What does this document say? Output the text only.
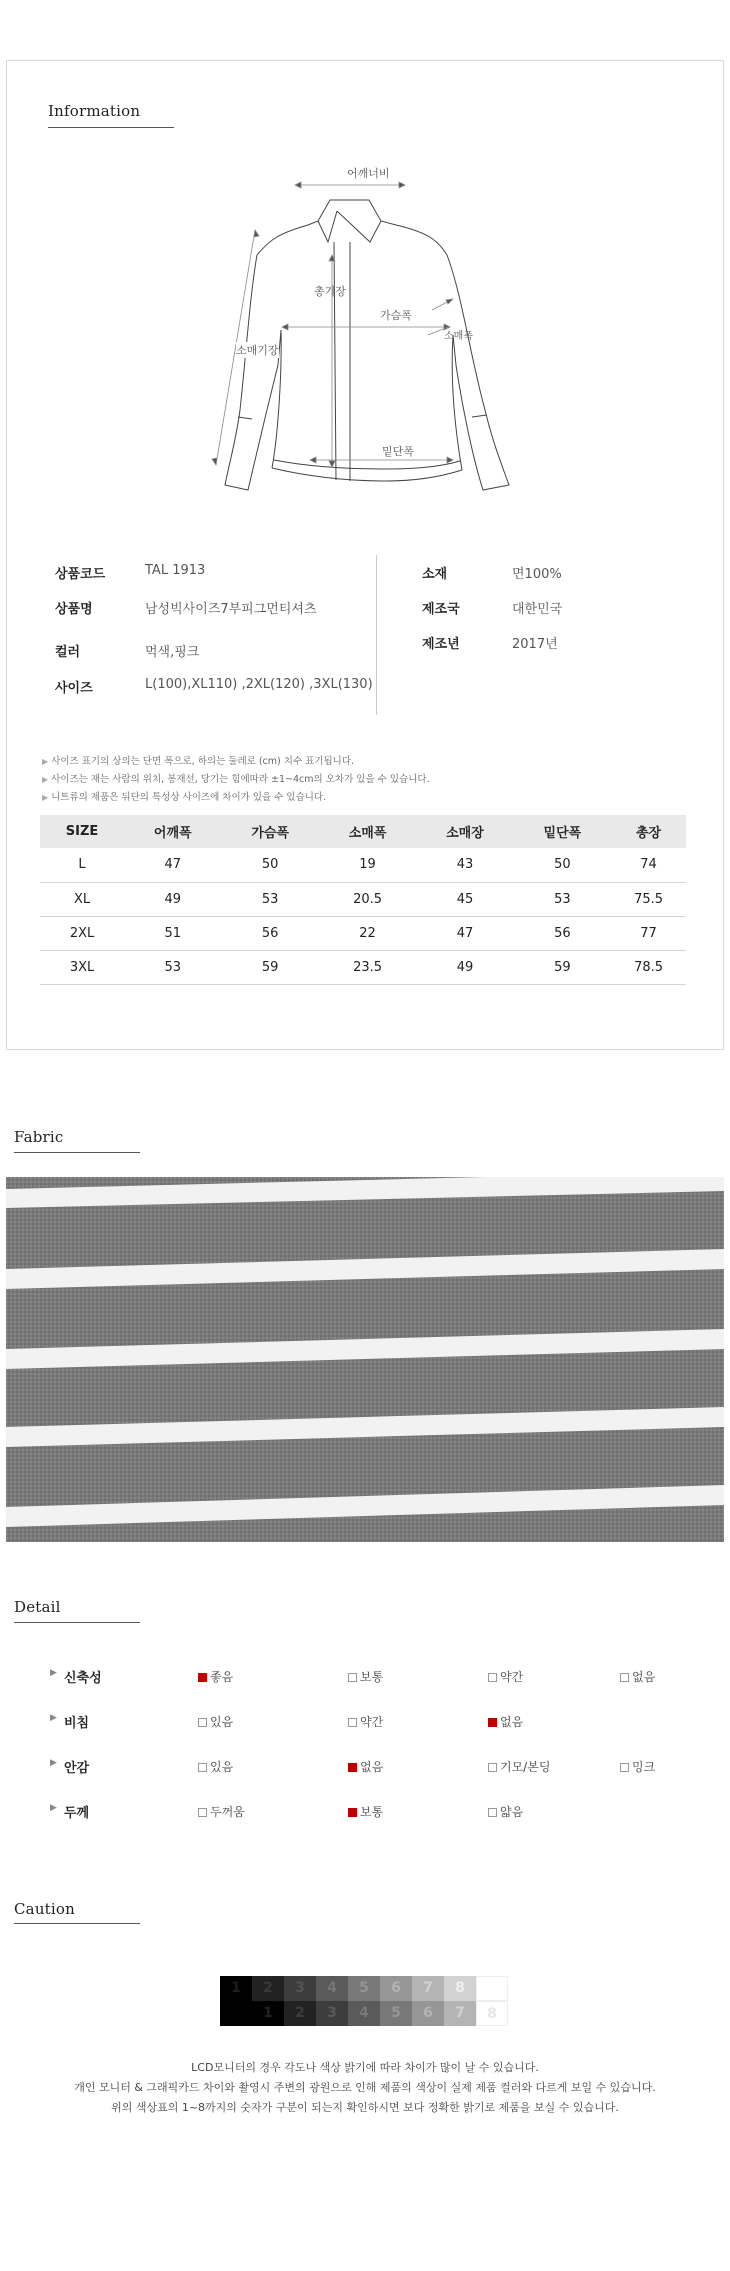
Information
어깨너비
총기장
가슴폭
소매폭
소매기장
밑단폭
상품코드	TAL 1913
상품명	남성빅사이즈7부피그먼티셔츠
컬러	먹색,핑크
사이즈	L(100),XL110) ,2XL(120) ,3XL(130)
소재	면100%
제조국	대한민국
제조년	2017년
▶ 사이즈 표기의 상의는 단면 폭으로, 하의는 둘레로 (cm) 치수 표기됩니다.
▶ 사이즈는 재는 사람의 위치, 봉재선, 당기는 힘에따라 ±1~4cm의 오차가 있을 수 있습니다.
▶ 니트류의 제품은 뒤단의 특성상 사이즈에 차이가 있을 수 있습니다.
SIZE	어깨폭	가슴폭	소매폭	소매장	밑단폭	총장
L	47	50	19	43	50	74
XL	49	53	20.5	45	53	75.5
2XL	51	56	22	47	56	77
3XL	53	59	23.5	49	59	78.5
Fabric
Detail
▶ 신축성	좋음	보통	약간	없음
▶ 비침	있음	약간	없음
▶ 안감	있음	없음	기모/본딩	밍크
▶ 두께	두꺼움	보통	얇음
Caution
1	2	3	4	5	6	7	8
1	2	3	4	5	6	7	8
LCD모니터의 경우 각도나 색상 밝기에 따라 차이가 많이 날 수 있습니다.
개인 모니터 & 그래픽카드 차이와 촬영시 주변의 광원으로 인해 제품의 색상이 실제 제품 컬러와 다르게 보일 수 있습니다.
위의 색상표의 1~8까지의 숫자가 구분이 되는지 확인하시면 보다 정확한 밝기로 제품을 보실 수 있습니다.
